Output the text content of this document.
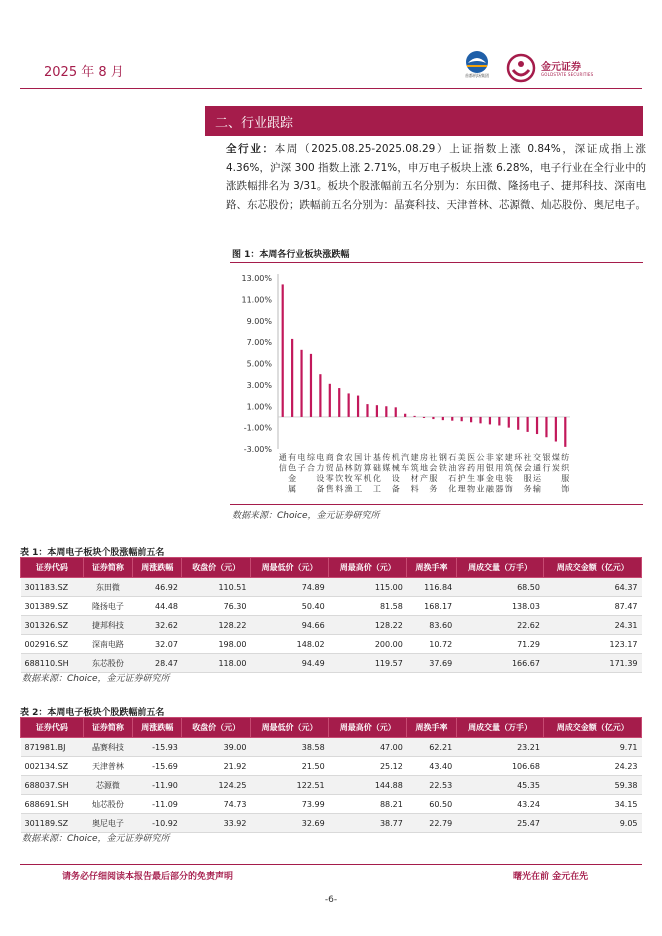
2025 年 8 月	首都机场集团
金元证券
GOLDSTATE SECURITIES
二、行业跟踪
全行业：本周（2025.08.25-2025.08.29）上证指数上涨 0.84%，深证成指上涨 4.36%，沪深 300 指数上涨 2.71%，申万电子板块上涨 6.28%，电子行业在全行业中的涨跌幅排名为 3/31。板块个股涨幅前五名分别为：东田微、隆扬电子、捷邦科技、深南电路、东芯股份；跌幅前五名分别为：晶赛科技、天津普林、芯源微、灿芯股份、奥尼电子。
图 1：本周各行业板块涨跌幅
13.00%
11.00%
9.00%
7.00%
5.00%
3.00%
1.00%
-1.00%
-3.00%
通信
有色金属
电子
综合
电力设备
商贸零售
食品饮料
农林牧渔
国防军工
计算机
基础化工
传媒
机械设备
汽车
建筑材料
房地产
社会服务
钢铁
石油石化
美容护理
医药生物
公用事业
非银金融
家用电器
建筑装饰
环保
社会服务
交通运输
银行
煤炭
纺织服饰
数据来源：Choice，金元证券研究所
表 1：本周电子板块个股涨幅前五名
证券代码	证券简称	周涨跌幅	收盘价（元）	周最低价（元）	周最高价（元）	周换手率	周成交量（万手）	周成交金额（亿元）
301183.SZ	东田微	46.92	110.51	74.89	115.00	116.84	68.50	64.37
301389.SZ	隆扬电子	44.48	76.30	50.40	81.58	168.17	138.03	87.47
301326.SZ	捷邦科技	32.62	128.22	94.66	128.22	83.60	22.62	24.31
002916.SZ	深南电路	32.07	198.00	148.02	200.00	10.72	71.29	123.17
688110.SH	东芯股份	28.47	118.00	94.49	119.57	37.69	166.67	171.39
数据来源：Choice，金元证券研究所
表 2：本周电子板块个股跌幅前五名
证券代码	证券简称	周涨跌幅	收盘价（元）	周最低价（元）	周最高价（元）	周换手率	周成交量（万手）	周成交金额（亿元）
871981.BJ	晶赛科技	-15.93	39.00	38.58	47.00	62.21	23.21	9.71
002134.SZ	天津普林	-15.69	21.92	21.50	25.12	43.40	106.68	24.23
688037.SH	芯源微	-11.90	124.25	122.51	144.88	22.53	45.35	59.38
688691.SH	灿芯股份	-11.09	74.73	73.99	88.21	60.50	43.24	34.15
301189.SZ	奥尼电子	-10.92	33.92	32.69	38.77	22.79	25.47	9.05
数据来源：Choice，金元证券研究所
请务必仔细阅读本报告最后部分的免责声明	曙光在前 金元在先
-6-
